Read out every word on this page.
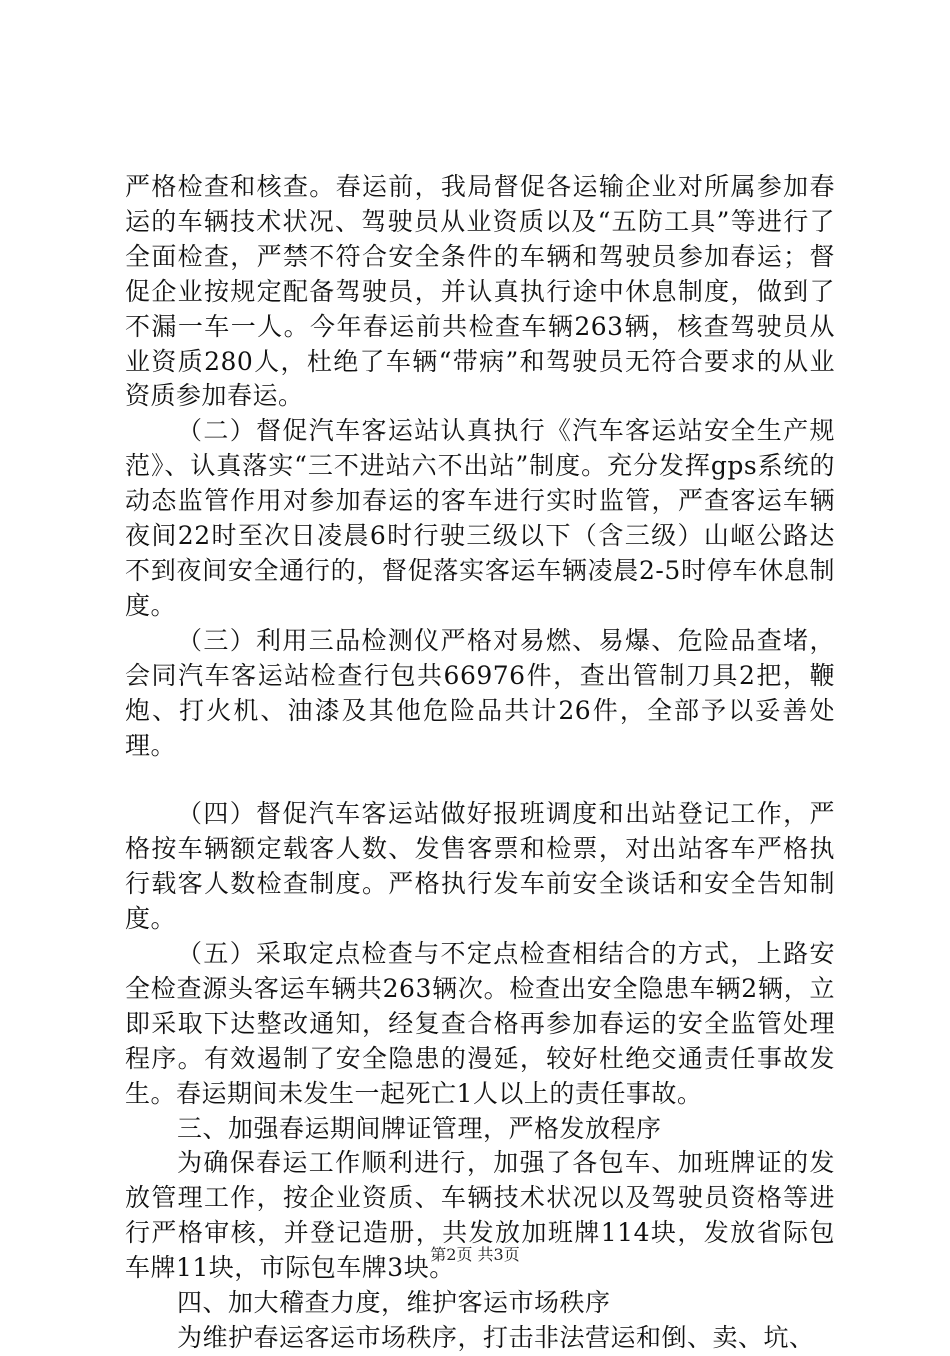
严格检查和核查。春运前，我局督促各运输企业对所属参加春运的车辆技术状况、驾驶员从业资质以及“五防工具”等进行了全面检查，严禁不符合安全条件的车辆和驾驶员参加春运；督促企业按规定配备驾驶员，并认真执行途中休息制度，做到了不漏一车一人。今年春运前共检查车辆263辆，核查驾驶员从业资质280人，杜绝了车辆“带病”和驾驶员无符合要求的从业资质参加春运。

（二）督促汽车客运站认真执行《汽车客运站安全生产规范》、认真落实“三不进站六不出站”制度。充分发挥gps系统的动态监管作用对参加春运的客车进行实时监管，严查客运车辆夜间22时至次日凌晨6时行驶三级以下（含三级）山岖公路达不到夜间安全通行的，督促落实客运车辆凌晨2-5时停车休息制度。

（三）利用三品检测仪严格对易燃、易爆、危险品查堵，会同汽车客运站检查行包共66976件，查出管制刀具2把，鞭炮、打火机、油漆及其他危险品共计26件，全部予以妥善处理。

（四）督促汽车客运站做好报班调度和出站登记工作，严格按车辆额定载客人数、发售客票和检票，对出站客车严格执行载客人数检查制度。严格执行发车前安全谈话和安全告知制度。

（五）采取定点检查与不定点检查相结合的方式，上路安全检查源头客运车辆共263辆次。检查出安全隐患车辆2辆，立即采取下达整改通知，经复查合格再参加春运的安全监管处理程序。有效遏制了安全隐患的漫延，较好杜绝交通责任事故发生。春运期间未发生一起死亡1人以上的责任事故。

三、加强春运期间牌证管理，严格发放程序

为确保春运工作顺利进行，加强了各包车、加班牌证的发放管理工作，按企业资质、车辆技术状况以及驾驶员资格等进行严格审核，并登记造册，共发放加班牌114块，发放省际包车牌11块，市际包车牌3块。

四、加大稽查力度，维护客运市场秩序

为维护春运客运市场秩序，打击非法营运和倒、卖、坑、

第2页 共3页
